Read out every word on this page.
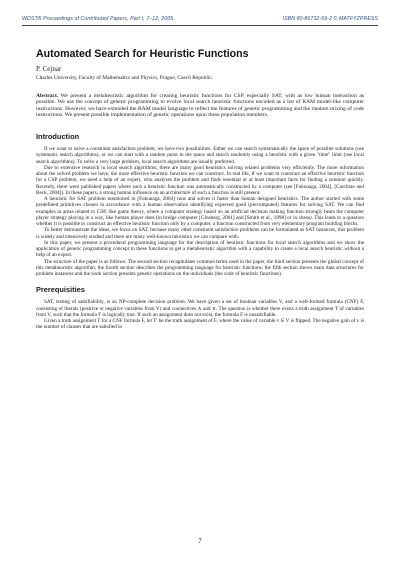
WDS'05 Proceedings of Contributed Papers, Part I, 7–12, 2005.	ISBN 80-86732-59-2 © MATFYZPRESS
Automated Search for Heuristic Functions

P. Cejnar

Charles University, Faculty of Mathematics and Physics, Prague, Czech Republic.

Abstract. We present a metaheuristic algorithm for creating heuristic functions for CSP, especially SAT, with as low human interaction as possible. We use the concept of genetic programming to evolve local search heuristic functions encoded as a list of RAM model-like computer instructions. However, we have extended the RAM model language to reflect the features of genetic programming and the random mixing of code instructions. We present possible implementation of genetic operations upon these population members.

Introduction

If we want to solve a constraint satisfaction problem, we have two possibilities. Either we can search systematically the space of possible solutions (use systematic search algorithms), or we can start with a random point in the space and search randomly using a heuristic with a given "time" limit (use local search algorithms). To solve a very large problem, local search algorithms are usually preferred.

Due to extensive research in local search algorithms, there are many good heuristics solving related problems very efficiently. The more information about the solved problem we have, the more effective heuristic function we can construct. In real life, if we want to construct an effective heuristic function for a CSP problem, we need a help of an expert, who analyses the problem and finds essential or at least important facts for finding a solution quickly. Recently, there were published papers where such a heuristic function was automatically constructed by a computer (see [Fukunaga, 2004], [Carchrae and Beck, 2004]). In these papers, a strong human influence on an architecture of such a function is still present.

A heuristic for SAT problem mentioned in [Fukunaga, 2004] runs and solves it faster than human designed heuristics. The author started with some predefined primitives chosen in accordance with a human observation identifying expected good (precomputed) features for solving SAT. We can find examples in areas related to CSP, like game theory, where a computer strategy based on an artificial decision making function strongly beats the computer player strategy playing in a way, like human player does (in bridge computer [Ginsberg, 2001] and [Smith et al., 1998] or in chess). This leads to a question whether it is possible to construct an effective heuristic function only by a computer, a function constructed from very elementary program building blocks.

To better demonstrate the ideas, we focus on SAT, because many other constraint satisfaction problems can be formulated as SAT instances, this problem is widely and intensively studied and there are many well-known heuristics we can compare with.

In this paper, we present a procedural programming language for the description of heuristic functions for local search algorithms and we show the application of genetic programming concept to these functions to get a metaheuristic algorithm with a capability to create a local search heuristic without a help of an expert.

The structure of the paper is as follows: The second section recapitulates common terms used in the paper, the third section presents the global concept of this metaheuristic algorithm, the fourth section describes the programming language for heuristic functions, the fifth section shows main data structures for problem instances and the sixth section presents genetic operations on the individuals (the code of heuristic functions).

Prerequisities

SAT, testing of satisfiability, is an NP-complete decision problem. We have given a set of boolean variables V, and a well-formed formula (CNF) F, consisting of literals (positive or negative variables from V) and connectives ∧ and ∨. The question is whether there exists a truth assignment T of variables from V, such that the formula F is logically true. If such an assignment does not exist, the formula F is unsatisfiable.

Given a truth assignment T for a CNF formula F, let T′ be the truth assignment of F, where the value of variable v ∈ V is flipped. The negative gain of v is the number of clauses that are satisfied in

7
